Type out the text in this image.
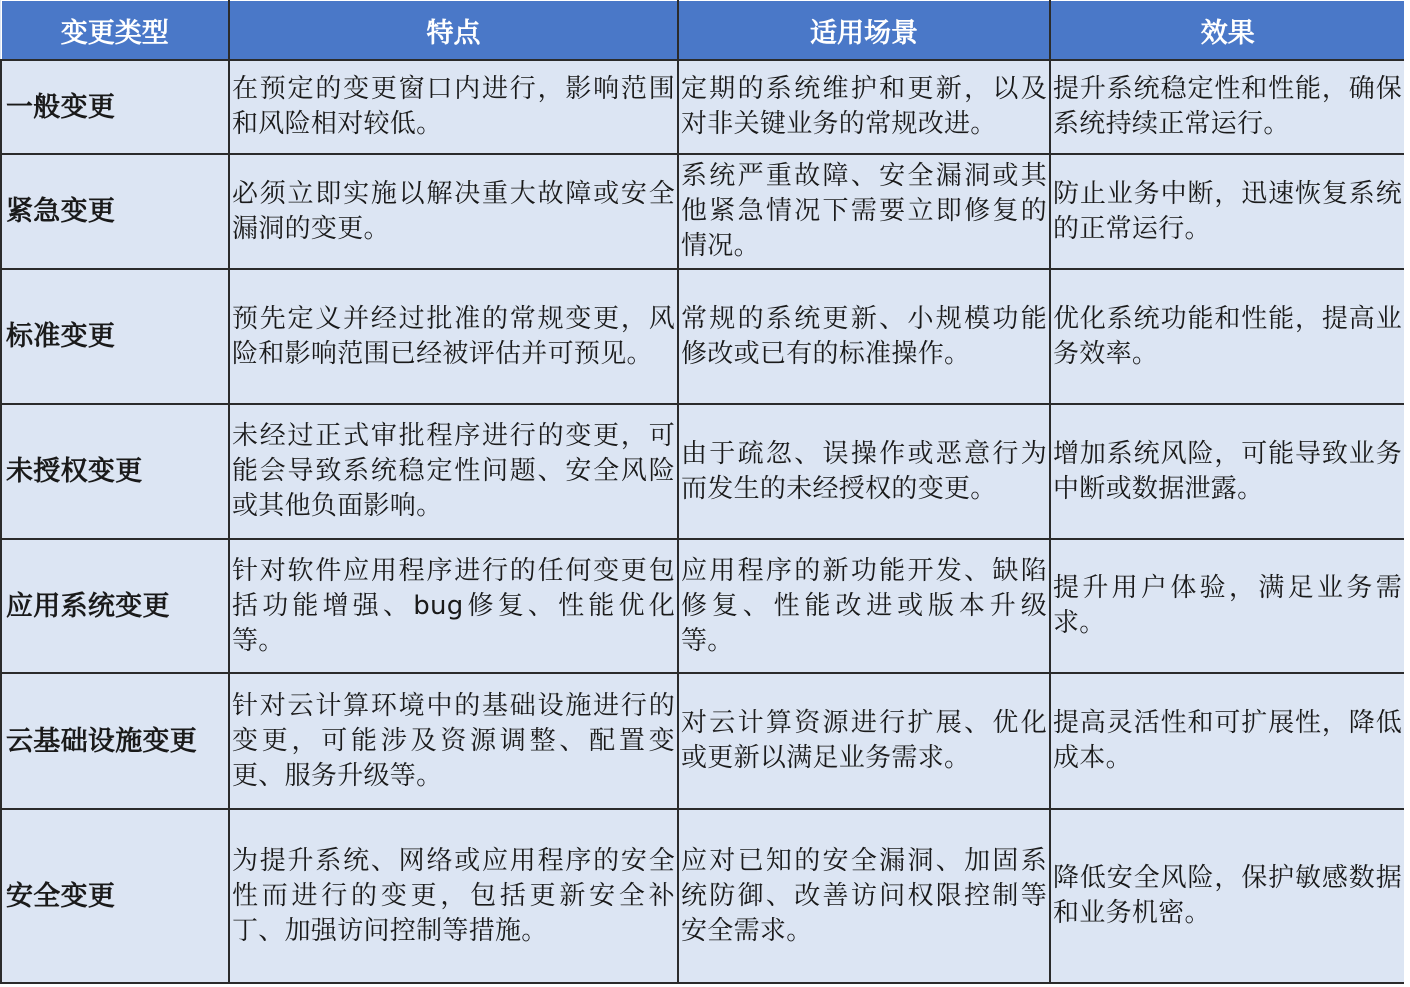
变更类型	特点	适用场景	效果
一般变更	在预定的变更窗口内进行，影响范围和风险相对较低。	定期的系统维护和更新，以及对非关键业务的常规改进。	提升系统稳定性和性能，确保系统持续正常运行。
紧急变更	必须立即实施以解决重大故障或安全漏洞的变更。	系统严重故障、安全漏洞或其他紧急情况下需要立即修复的情况。	防止业务中断，迅速恢复系统的正常运行。
标准变更	预先定义并经过批准的常规变更，风险和影响范围已经被评估并可预见。	常规的系统更新、小规模功能修改或已有的标准操作。	优化系统功能和性能，提高业务效率。
未授权变更	未经过正式审批程序进行的变更，可能会导致系统稳定性问题、安全风险或其他负面影响。	由于疏忽、误操作或恶意行为而发生的未经授权的变更。	增加系统风险，可能导致业务中断或数据泄露。
应用系统变更	针对软件应用程序进行的任何变更包括功能增强、bug修复、性能优化等。	应用程序的新功能开发、缺陷修复、性能改进或版本升级等。	提升用户体验，满足业务需求。
云基础设施变更	针对云计算环境中的基础设施进行的变更，可能涉及资源调整、配置变更、服务升级等。	对云计算资源进行扩展、优化或更新以满足业务需求。	提高灵活性和可扩展性，降低成本。
安全变更	为提升系统、网络或应用程序的安全性而进行的变更，包括更新安全补丁、加强访问控制等措施。	应对已知的安全漏洞、加固系统防御、改善访问权限控制等安全需求。	降低安全风险，保护敏感数据和业务机密。
